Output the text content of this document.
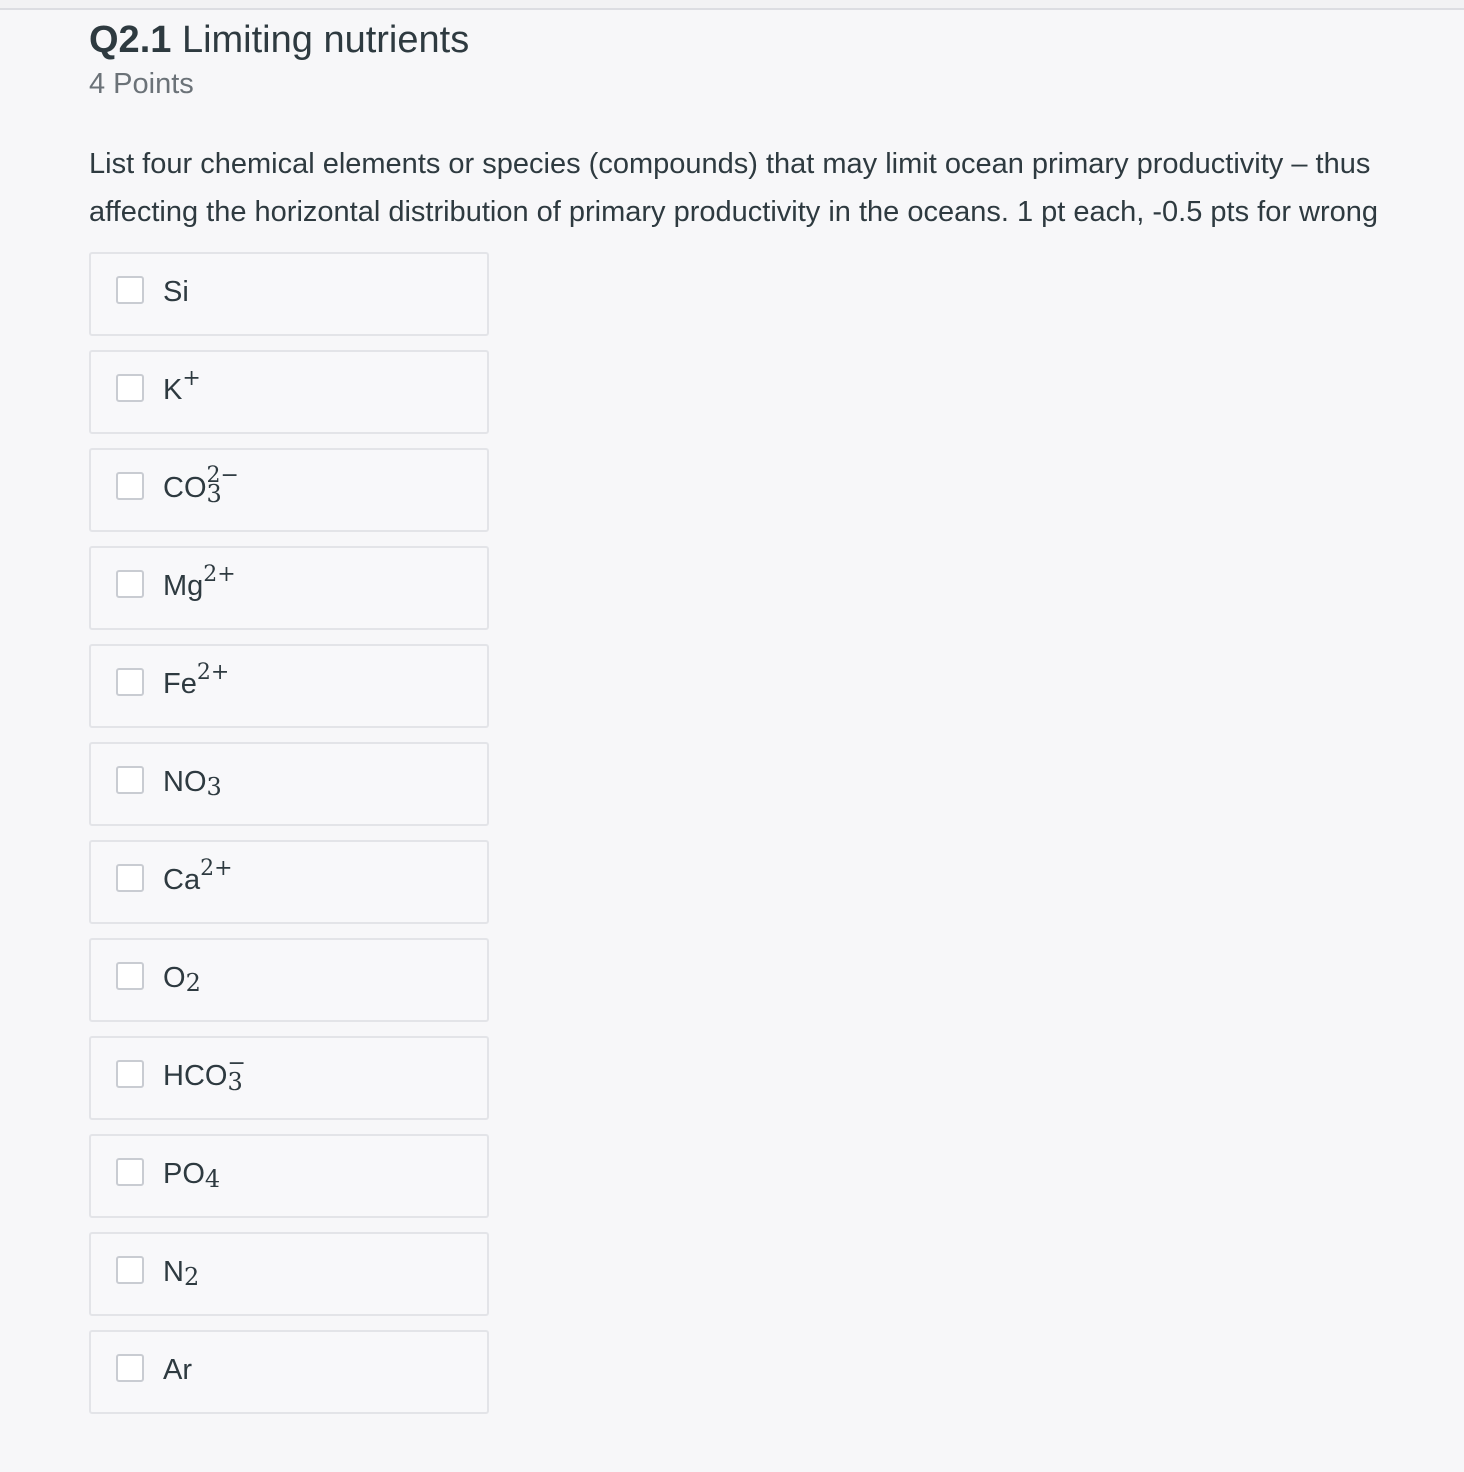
Q2.1 Limiting nutrients
4 Points
List four chemical elements or species (compounds) that may limit ocean primary productivity – thus affecting the horizontal distribution of primary productivity in the oceans. 1 pt each, -0.5 pts for wrong
Si
K+
CO 2−
3
Mg2+
Fe2+
NO3
Ca2+
O2
HCO −
3
PO4
N2
Ar
